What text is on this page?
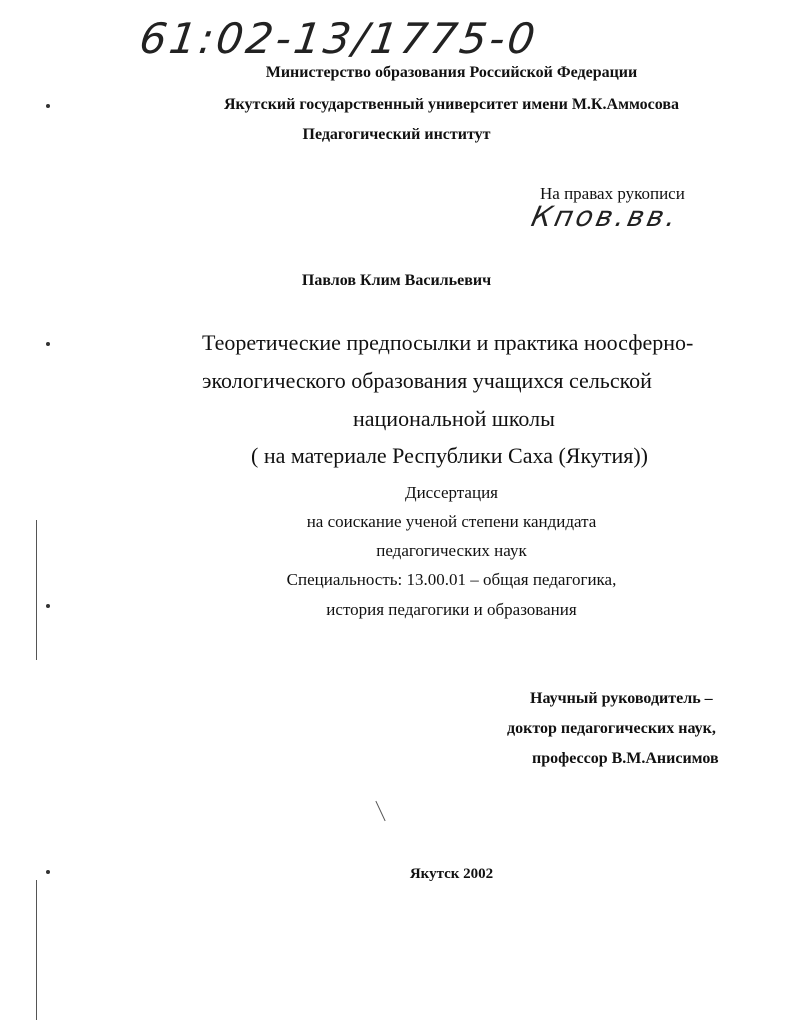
61:02-13/1775-0
Министерство образования Российской Федерации
Якутский государственный университет имени М.К.Аммосова
Педагогический институт
На правах рукописи
Кпов.вв.
Павлов Клим Васильевич
Теоретические предпосылки и практика ноосферно-
экологического образования учащихся сельской
национальной школы
( на материале Республики Саха (Якутия))
Диссертация
на соискание ученой степени кандидата
педагогических наук
Специальность: 13.00.01 – общая педагогика,
история педагогики и образования
Научный руководитель –
доктор педагогических наук,
профессор В.М.Анисимов
Якутск 2002
